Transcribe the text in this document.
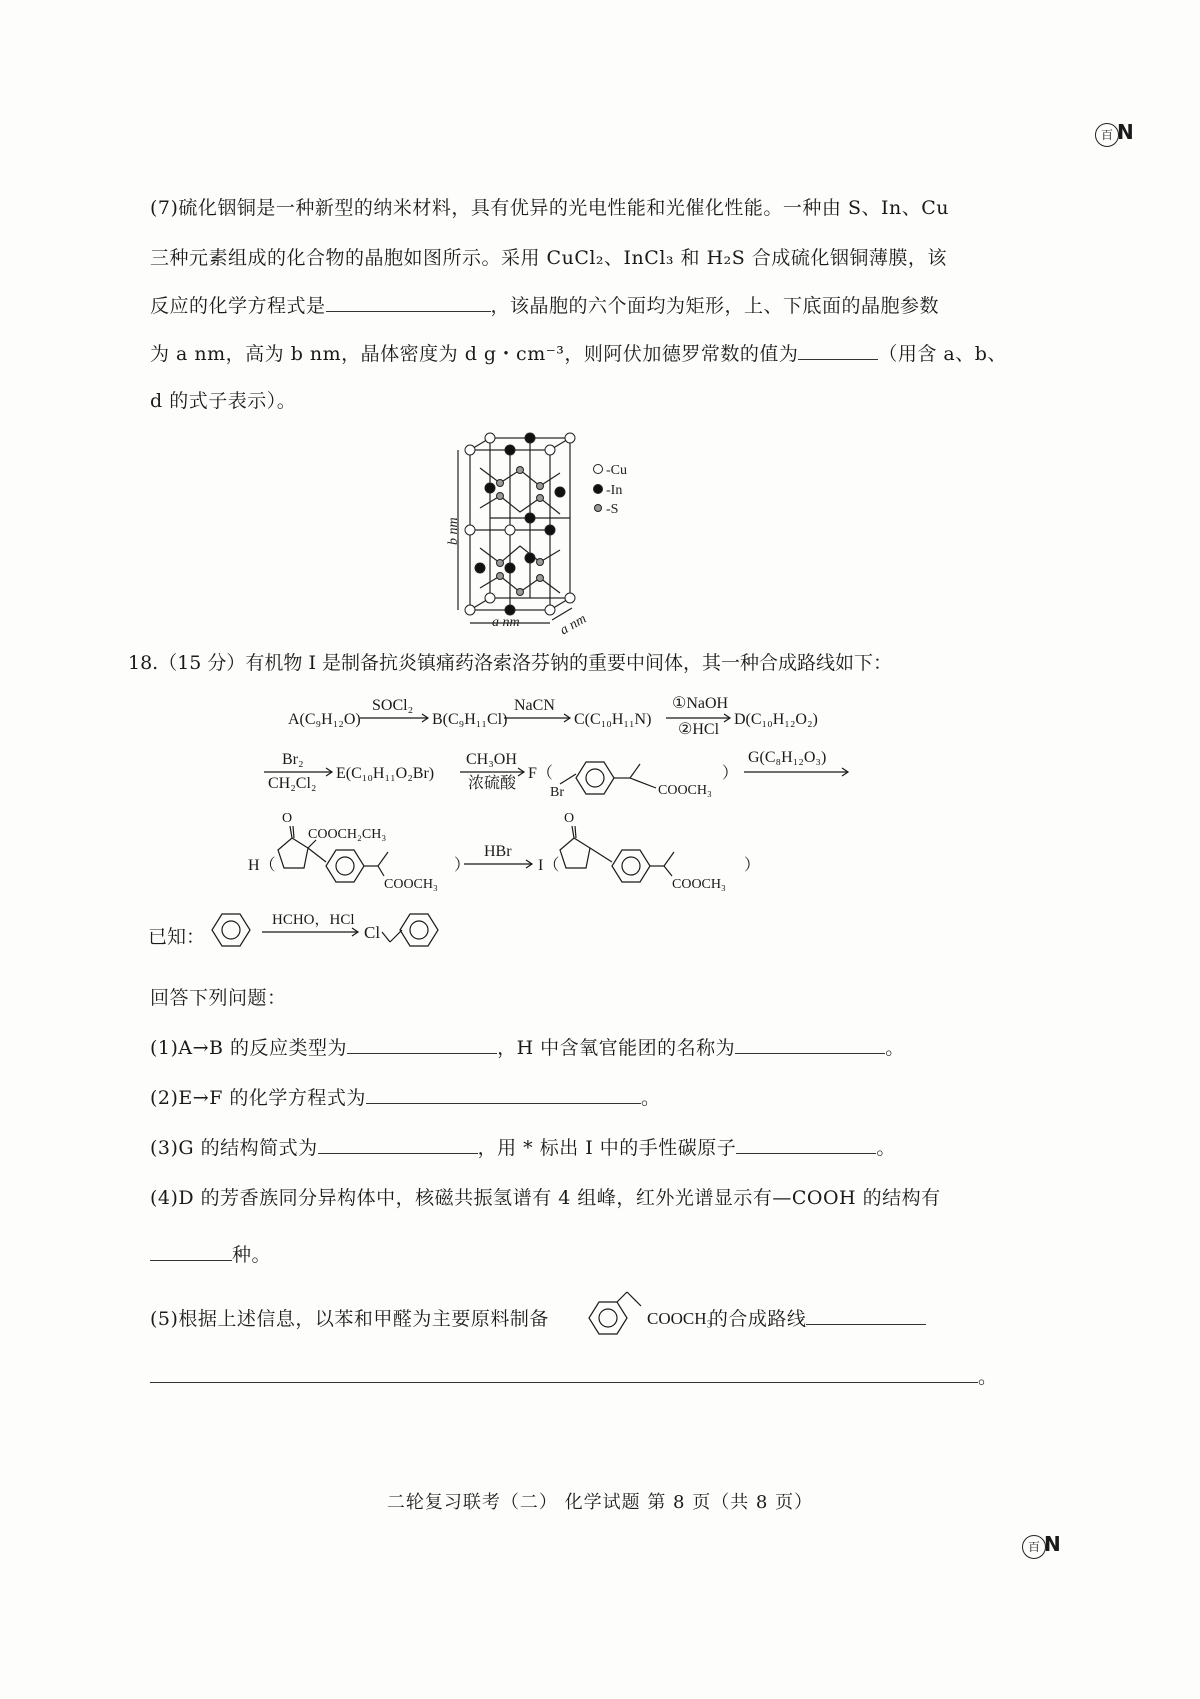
百 N
(7)硫化铟铜是一种新型的纳米材料，具有优异的光电性能和光催化性能。一种由 S、In、Cu
三种元素组成的化合物的晶胞如图所示。采用 CuCl₂、InCl₃ 和 H₂S 合成硫化铟铜薄膜，该
反应的化学方程式是	，该晶胞的六个面均为矩形，上、下底面的晶胞参数
为 a nm，高为 b nm，晶体密度为 d g・cm⁻³，则阿伏加德罗常数的值为	（用含 a、b、
d 的式子表示）。
-Cu
-In
-S
b nm
a nm	a nm
18.（15 分）有机物 I 是制备抗炎镇痛药洛索洛芬钠的重要中间体，其一种合成路线如下：
A(C₉H₁₂O)
SOCl₂
B(C₉H₁₁Cl)
NaCN
C(C₁₀H₁₁N)
①NaOH
②HCl
D(C₁₀H₁₂O₂)
Br₂
CH₂Cl₂
E(C₁₀H₁₁O₂Br)
CH₃OH
浓硫酸
F（
Br	COOCH₃
）
G(C₈H₁₂O₃)
H（
O
COOCH₂CH₃
COOCH₃
）
HBr
I（
O
COOCH₃
）
已知：
HCHO，HCl
Cl
回答下列问题：
(1)A→B 的反应类型为	，H 中含氧官能团的名称为	。
(2)E→F 的化学方程式为	。
(3)G 的结构简式为	，用 * 标出 I 中的手性碳原子	。
(4)D 的芳香族同分异构体中，核磁共振氢谱有 4 组峰，红外光谱显示有—COOH 的结构有
种。
(5)根据上述信息，以苯和甲醛为主要原料制备	的合成路线
COOCH₃
。
二轮复习联考（二） 化学试题 第 8 页（共 8 页）
百 N
